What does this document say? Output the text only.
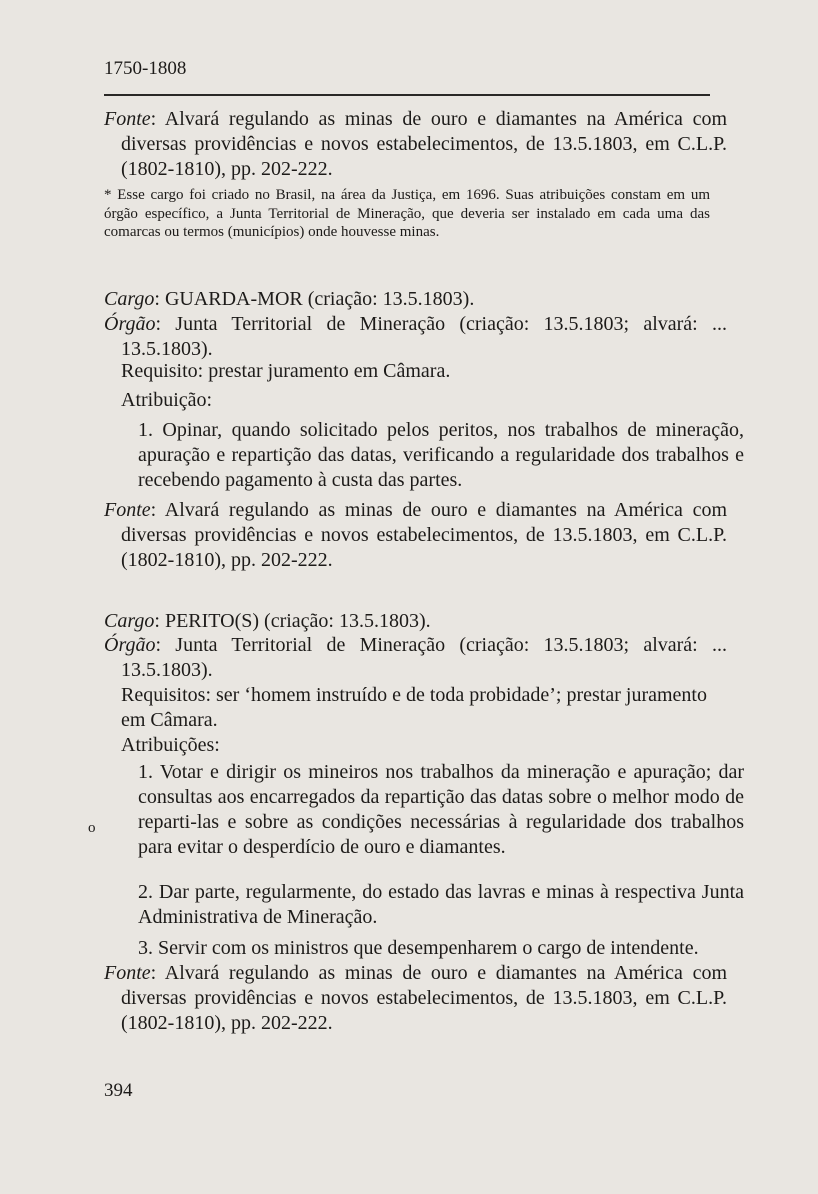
1750-1808
Fonte: Alvará regulando as minas de ouro e diamantes na América com diversas providências e novos estabelecimentos, de 13.5.1803, em C.L.P. (1802-1810), pp. 202-222.
* Esse cargo foi criado no Brasil, na área da Justiça, em 1696. Suas atribuições constam em um órgão específico, a Junta Territorial de Mineração, que deveria ser instalado em cada uma das comarcas ou termos (municípios) onde houvesse minas.
Cargo: GUARDA-MOR (criação: 13.5.1803).
Órgão: Junta Territorial de Mineração (criação: 13.5.1803; alvará: ... 13.5.1803).
Requisito: prestar juramento em Câmara.
Atribuição:
1. Opinar, quando solicitado pelos peritos, nos trabalhos de mineração, apuração e repartição das datas, verificando a regularidade dos trabalhos e recebendo pagamento à custa das partes.
Fonte: Alvará regulando as minas de ouro e diamantes na América com diversas providências e novos estabelecimentos, de 13.5.1803, em C.L.P. (1802-1810), pp. 202-222.
Cargo: PERITO(S) (criação: 13.5.1803).
Órgão: Junta Territorial de Mineração (criação: 13.5.1803; alvará: ... 13.5.1803).
Requisitos: ser ‘homem instruído e de toda probidade’; prestar juramento em Câmara.
Atribuições:
1. Votar e dirigir os mineiros nos trabalhos da mineração e apuração; dar consultas aos encarregados da repartição das datas sobre o melhor modo de reparti-las e sobre as condições necessárias à regularidade dos trabalhos para evitar o desperdício de ouro e diamantes.
2. Dar parte, regularmente, do estado das lavras e minas à respectiva Junta Administrativa de Mineração.
3. Servir com os ministros que desempenharem o cargo de intendente.
Fonte: Alvará regulando as minas de ouro e diamantes na América com diversas providências e novos estabelecimentos, de 13.5.1803, em C.L.P. (1802-1810), pp. 202-222.
o
394
